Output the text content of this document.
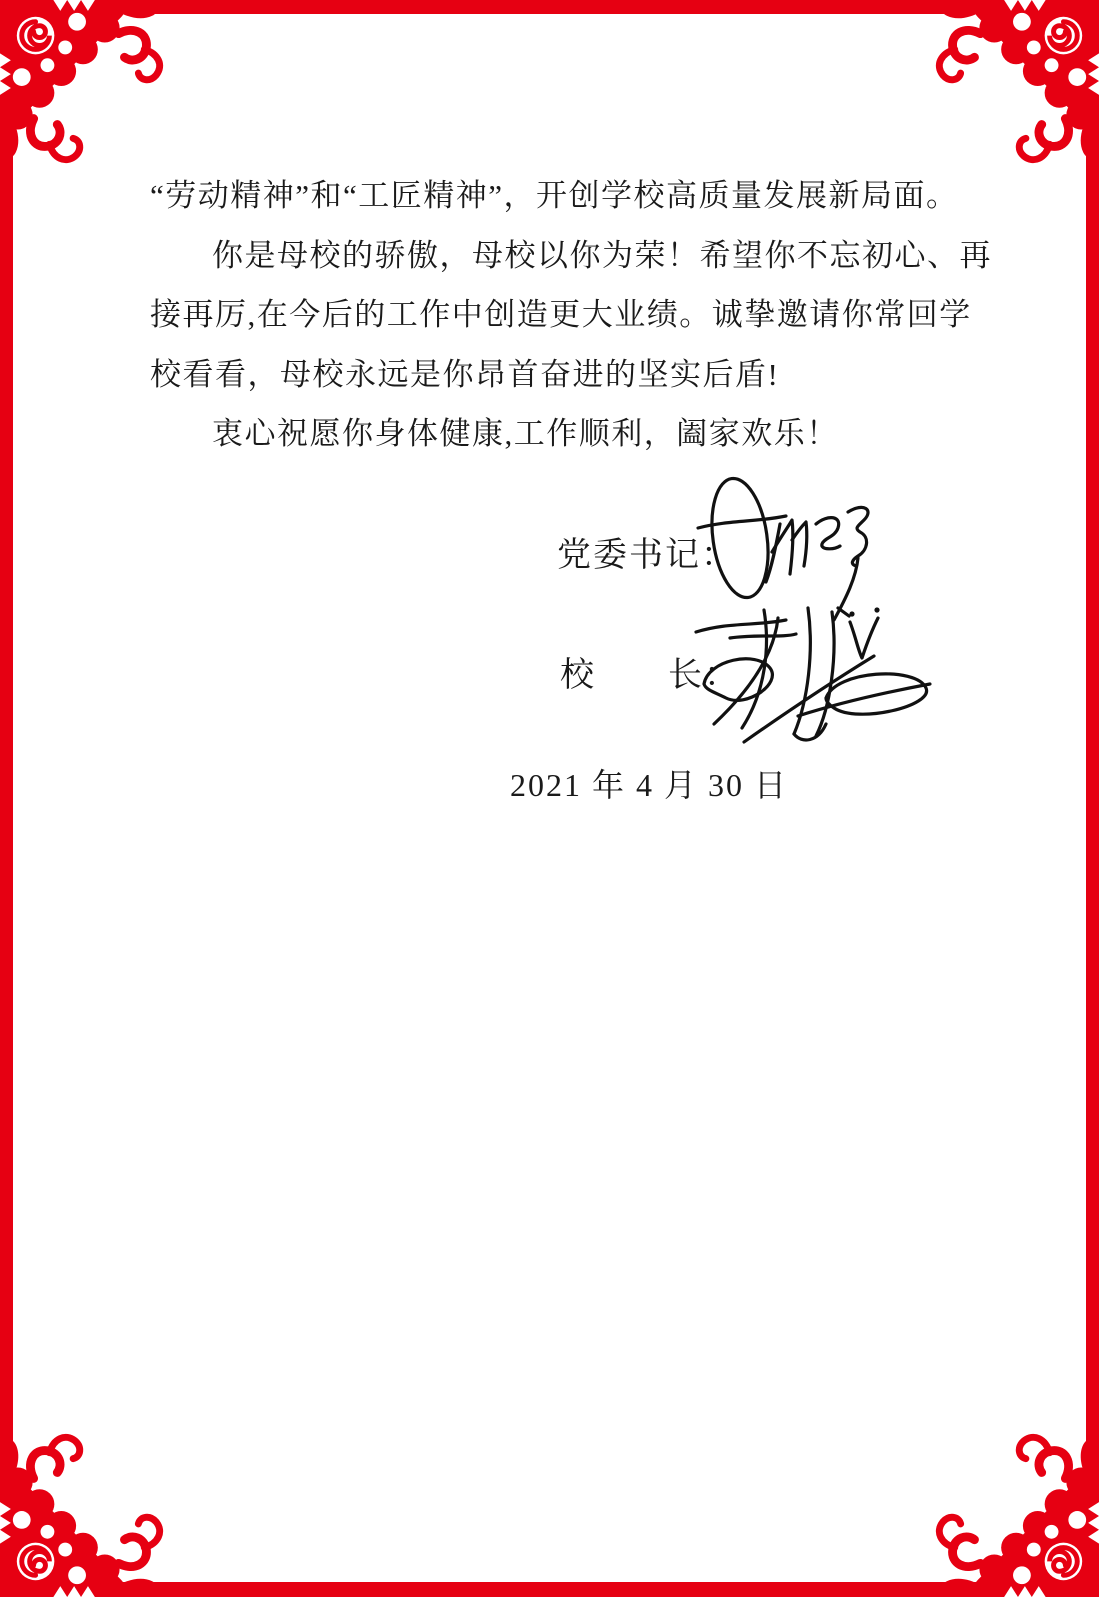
“劳动精神”和“工匠精神”，开创学校高质量发展新局面。

你是母校的骄傲，母校以你为荣！希望你不忘初心、再

接再厉,在今后的工作中创造更大业绩。诚挚邀请你常回学

校看看，母校永远是你昂首奋进的坚实后盾!

衷心祝愿你身体健康,工作顺利，阖家欢乐！

党委书记：
校　　长：
2021 年 4 月 30 日
